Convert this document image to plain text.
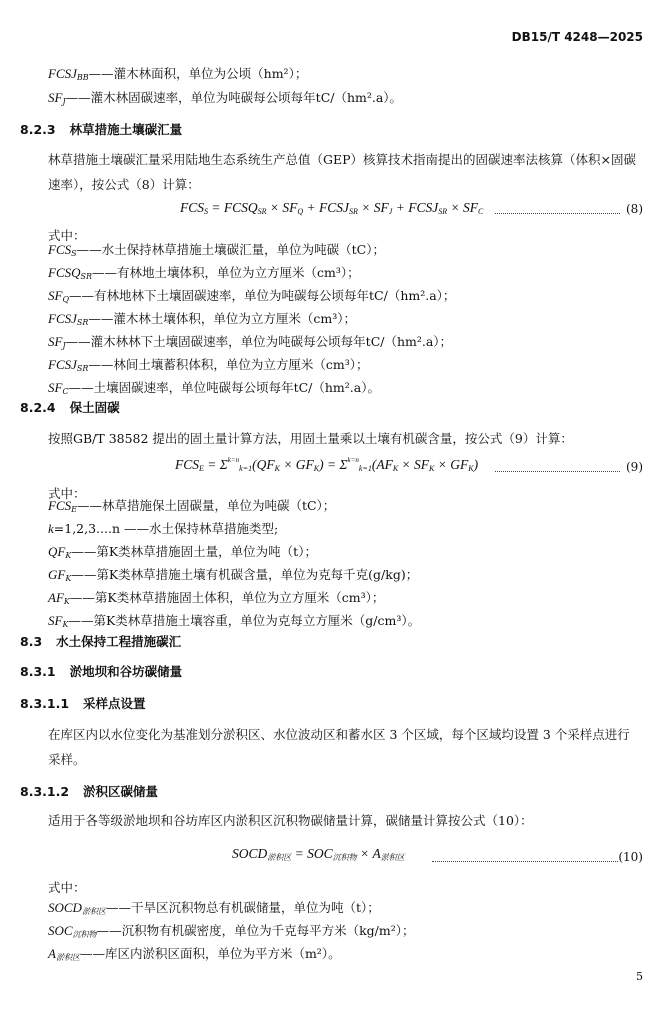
DB15/T 4248—2025
$FCSJ_{BB}——$灌木林面积，单位为公顷（hm²）；
$SF_J——$灌木林固碳速率，单位为吨碳每公顷每年tC/（hm².a）。
8.2.3 林草措施土壤碳汇量
林草措施土壤碳汇量采用陆地生态系统生产总值（GEP）核算技术指南提出的固碳速率法核算（体积×固碳速率），按公式（8）计算：
$FCS_S$ = $FCSQ_{SR} \times SF_Q$ + $FCSJ_{SR} \times SF_J$ + $FCSJ_{SR} \times SF_C$	(8)
式中：
$FCS_S——$水土保持林草措施土壤碳汇量，单位为吨碳（tC）；
$FCSQ_{SR}——$有林地土壤体积，单位为立方厘米（cm³）；
$SF_Q——$有林地林下土壤固碳速率，单位为吨碳每公顷每年tC/（hm².a）；
$FCSJ_{SR}——$灌木林土壤体积，单位为立方厘米（cm³）；
$SF_J——$灌木林林下土壤固碳速率，单位为吨碳每公顷每年tC/（hm².a）；
$FCSJ_{SR}——$林间土壤蓄积体积，单位为立方厘米（cm³）；
$SF_C——$土壤固碳速率，单位吨碳每公顷每年tC/（hm².a）。
8.2.4 保土固碳
按照GB/T 38582 提出的固土量计算方法，用固土量乘以土壤有机碳含量，按公式（9）计算：
$FCS_E = \Sigma^{^{k=n}}_{k=1}(QF_K \times GF_K) = \Sigma^{^{k=n}}_{k=1}(AF_K \times SF_K \times GF_K)$	(9)
式中：
$FCS_E——$林草措施保土固碳量，单位为吨碳（tC）；
k=1,2,3....n ——水土保持林草措施类型;
$QF_K——$第K类林草措施固土量，单位为吨（t）；
$GF_K——$第K类林草措施土壤有机碳含量，单位为克每千克(g/kg)；
$AF_K——$第K类林草措施固土体积，单位为立方厘米（cm³）；
$SF_K——$第K类林草措施土壤容重，单位为克每立方厘米（g/cm³）。
8.3 水土保持工程措施碳汇
8.3.1 淤地坝和谷坊碳储量
8.3.1.1 采样点设置
在库区内以水位变化为基准划分淤积区、水位波动区和蓄水区 3 个区域，每个区域均设置 3 个采样点进行采样。
8.3.1.2 淤积区碳储量
适用于各等级淤地坝和谷坊库区内淤积区沉积物碳储量计算，碳储量计算按公式（10）：
$SOCD_{淤积区} = SOC_{沉积物} \times A_{淤积区}$	(10)
式中：
$SOCD_{淤积区}——$干旱区沉积物总有机碳储量，单位为吨（t）；
$SOC_{沉积物}——$沉积物有机碳密度，单位为千克每平方米（kg/m²）；
$A_{淤积区}——$库区内淤积区面积，单位为平方米（m²）。
5
